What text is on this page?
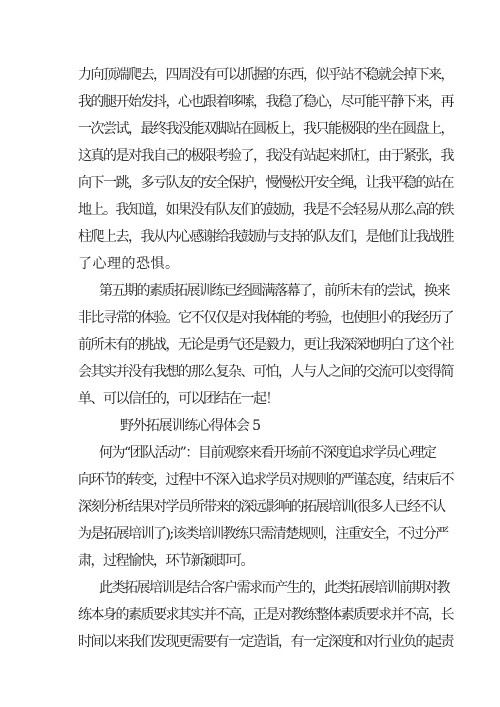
力向顶端爬去，四周没有可以抓握的东西，似乎站不稳就会掉下来，
我的腿开始发抖，心也跟着哆嗦，我稳了稳心，尽可能平静下来，再
一次尝试，最终我没能双脚站在圆板上，我只能极限的坐在圆盘上，
这真的是对我自己的极限考验了，我没有站起来抓杠，由于紧张，我
向下一跳，多亏队友的安全保护，慢慢松开安全绳，让我平稳的站在
地上。我知道，如果没有队友们的鼓励，我是不会轻易从那么高的铁
柱爬上去，我从内心感谢给我鼓励与支持的队友们，是他们让我战胜
了心理的恐惧。
第五期的素质拓展训练已经圆满落幕了，前所未有的尝试，换来
非比寻常的体验。它不仅仅是对我体能的考验，也使胆小的我经历了
前所未有的挑战，无论是勇气还是毅力，更让我深深地明白了这个社
会其实并没有我想的那么复杂、可怕，人与人之间的交流可以变得简
单、可以信任的，可以团结在一起！
野外拓展训练心得体会 5
何为“团队活动”：目前观察来看开场前不深度追求学员心理定
向环节的转变，过程中不深入追求学员对规则的严谨态度，结束后不
深刻分析结果对学员所带来的深远影响的拓展培训(很多人已经不认
为是拓展培训了);该类培训教练只需清楚规则，注重安全，不过分严
肃，过程愉快，环节新颖即可。
此类拓展培训是结合客户需求而产生的，此类拓展培训前期对教
练本身的素质要求其实并不高，正是对教练整体素质要求并不高，长
时间以来我们发现更需要有一定造诣，有一定深度和对行业负的起责
